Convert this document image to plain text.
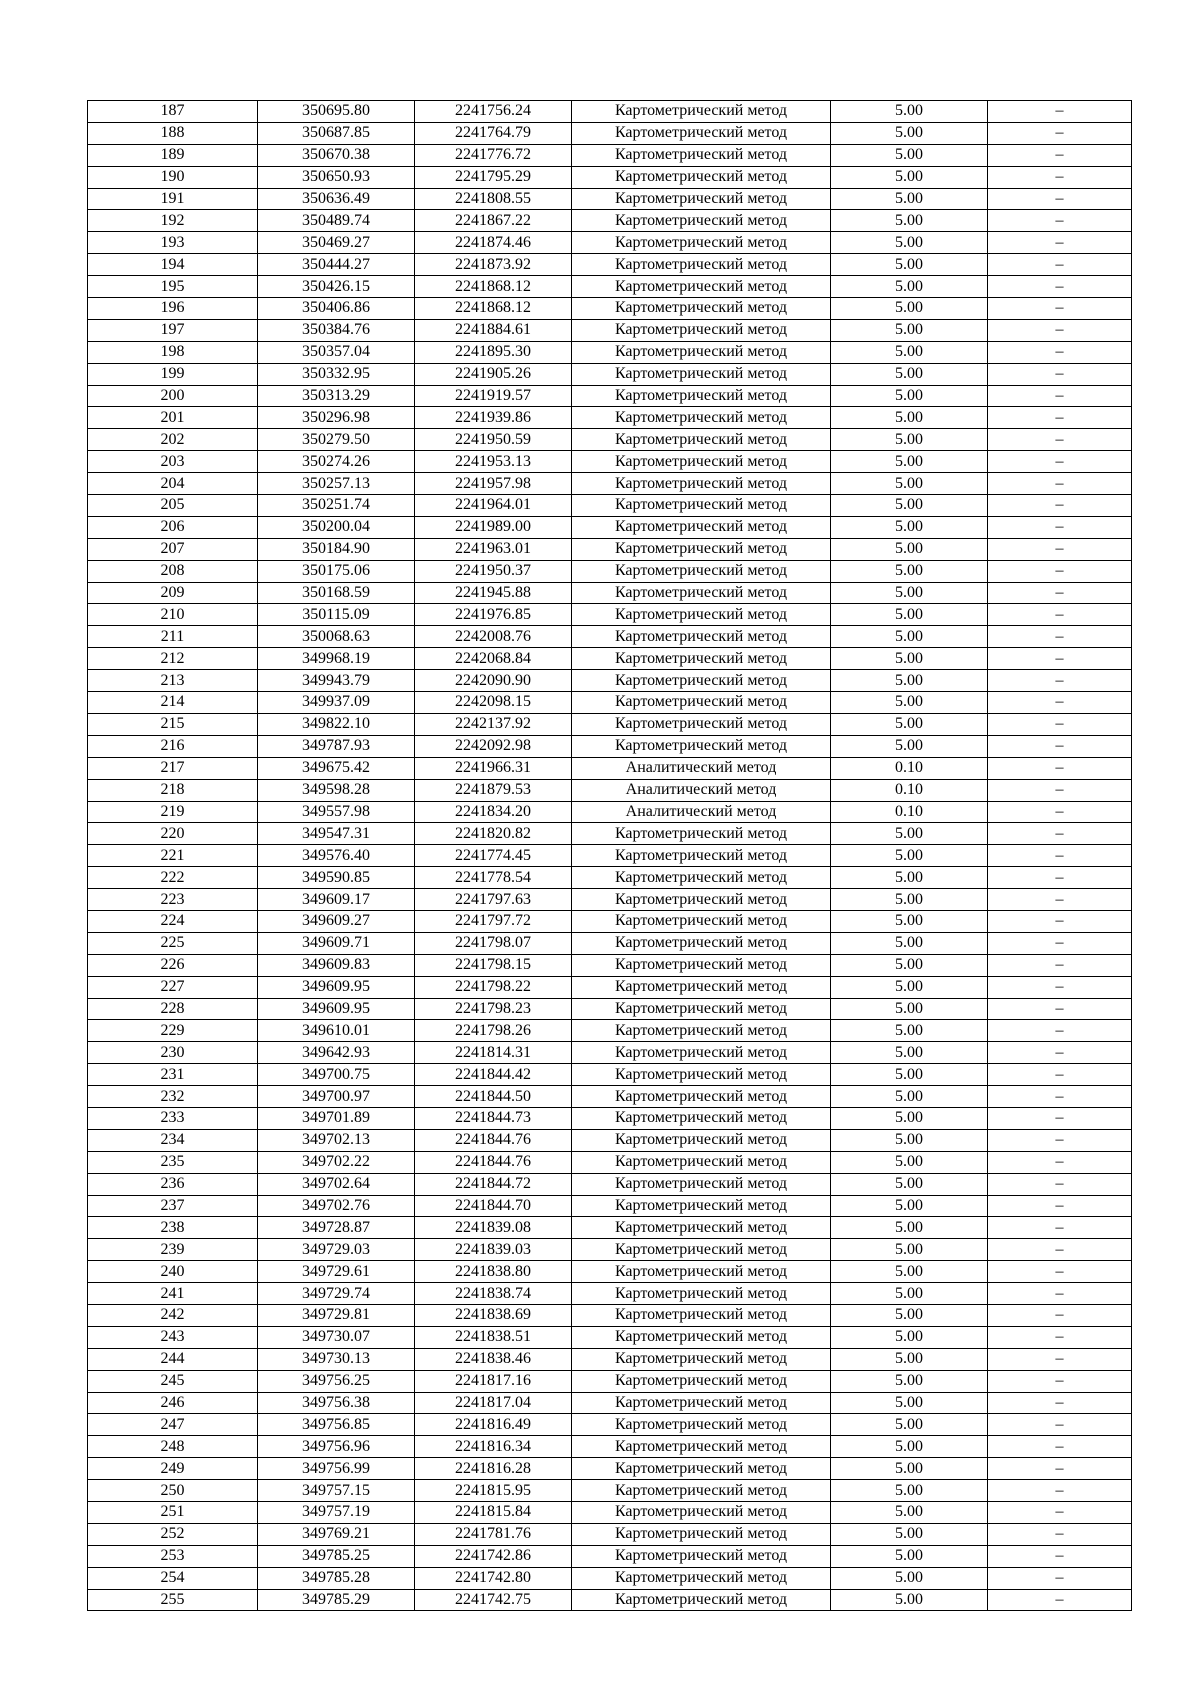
187	350695.80	2241756.24	Картометрический метод	5.00	–
188	350687.85	2241764.79	Картометрический метод	5.00	–
189	350670.38	2241776.72	Картометрический метод	5.00	–
190	350650.93	2241795.29	Картометрический метод	5.00	–
191	350636.49	2241808.55	Картометрический метод	5.00	–
192	350489.74	2241867.22	Картометрический метод	5.00	–
193	350469.27	2241874.46	Картометрический метод	5.00	–
194	350444.27	2241873.92	Картометрический метод	5.00	–
195	350426.15	2241868.12	Картометрический метод	5.00	–
196	350406.86	2241868.12	Картометрический метод	5.00	–
197	350384.76	2241884.61	Картометрический метод	5.00	–
198	350357.04	2241895.30	Картометрический метод	5.00	–
199	350332.95	2241905.26	Картометрический метод	5.00	–
200	350313.29	2241919.57	Картометрический метод	5.00	–
201	350296.98	2241939.86	Картометрический метод	5.00	–
202	350279.50	2241950.59	Картометрический метод	5.00	–
203	350274.26	2241953.13	Картометрический метод	5.00	–
204	350257.13	2241957.98	Картометрический метод	5.00	–
205	350251.74	2241964.01	Картометрический метод	5.00	–
206	350200.04	2241989.00	Картометрический метод	5.00	–
207	350184.90	2241963.01	Картометрический метод	5.00	–
208	350175.06	2241950.37	Картометрический метод	5.00	–
209	350168.59	2241945.88	Картометрический метод	5.00	–
210	350115.09	2241976.85	Картометрический метод	5.00	–
211	350068.63	2242008.76	Картометрический метод	5.00	–
212	349968.19	2242068.84	Картометрический метод	5.00	–
213	349943.79	2242090.90	Картометрический метод	5.00	–
214	349937.09	2242098.15	Картометрический метод	5.00	–
215	349822.10	2242137.92	Картометрический метод	5.00	–
216	349787.93	2242092.98	Картометрический метод	5.00	–
217	349675.42	2241966.31	Аналитический метод	0.10	–
218	349598.28	2241879.53	Аналитический метод	0.10	–
219	349557.98	2241834.20	Аналитический метод	0.10	–
220	349547.31	2241820.82	Картометрический метод	5.00	–
221	349576.40	2241774.45	Картометрический метод	5.00	–
222	349590.85	2241778.54	Картометрический метод	5.00	–
223	349609.17	2241797.63	Картометрический метод	5.00	–
224	349609.27	2241797.72	Картометрический метод	5.00	–
225	349609.71	2241798.07	Картометрический метод	5.00	–
226	349609.83	2241798.15	Картометрический метод	5.00	–
227	349609.95	2241798.22	Картометрический метод	5.00	–
228	349609.95	2241798.23	Картометрический метод	5.00	–
229	349610.01	2241798.26	Картометрический метод	5.00	–
230	349642.93	2241814.31	Картометрический метод	5.00	–
231	349700.75	2241844.42	Картометрический метод	5.00	–
232	349700.97	2241844.50	Картометрический метод	5.00	–
233	349701.89	2241844.73	Картометрический метод	5.00	–
234	349702.13	2241844.76	Картометрический метод	5.00	–
235	349702.22	2241844.76	Картометрический метод	5.00	–
236	349702.64	2241844.72	Картометрический метод	5.00	–
237	349702.76	2241844.70	Картометрический метод	5.00	–
238	349728.87	2241839.08	Картометрический метод	5.00	–
239	349729.03	2241839.03	Картометрический метод	5.00	–
240	349729.61	2241838.80	Картометрический метод	5.00	–
241	349729.74	2241838.74	Картометрический метод	5.00	–
242	349729.81	2241838.69	Картометрический метод	5.00	–
243	349730.07	2241838.51	Картометрический метод	5.00	–
244	349730.13	2241838.46	Картометрический метод	5.00	–
245	349756.25	2241817.16	Картометрический метод	5.00	–
246	349756.38	2241817.04	Картометрический метод	5.00	–
247	349756.85	2241816.49	Картометрический метод	5.00	–
248	349756.96	2241816.34	Картометрический метод	5.00	–
249	349756.99	2241816.28	Картометрический метод	5.00	–
250	349757.15	2241815.95	Картометрический метод	5.00	–
251	349757.19	2241815.84	Картометрический метод	5.00	–
252	349769.21	2241781.76	Картометрический метод	5.00	–
253	349785.25	2241742.86	Картометрический метод	5.00	–
254	349785.28	2241742.80	Картометрический метод	5.00	–
255	349785.29	2241742.75	Картометрический метод	5.00	–
